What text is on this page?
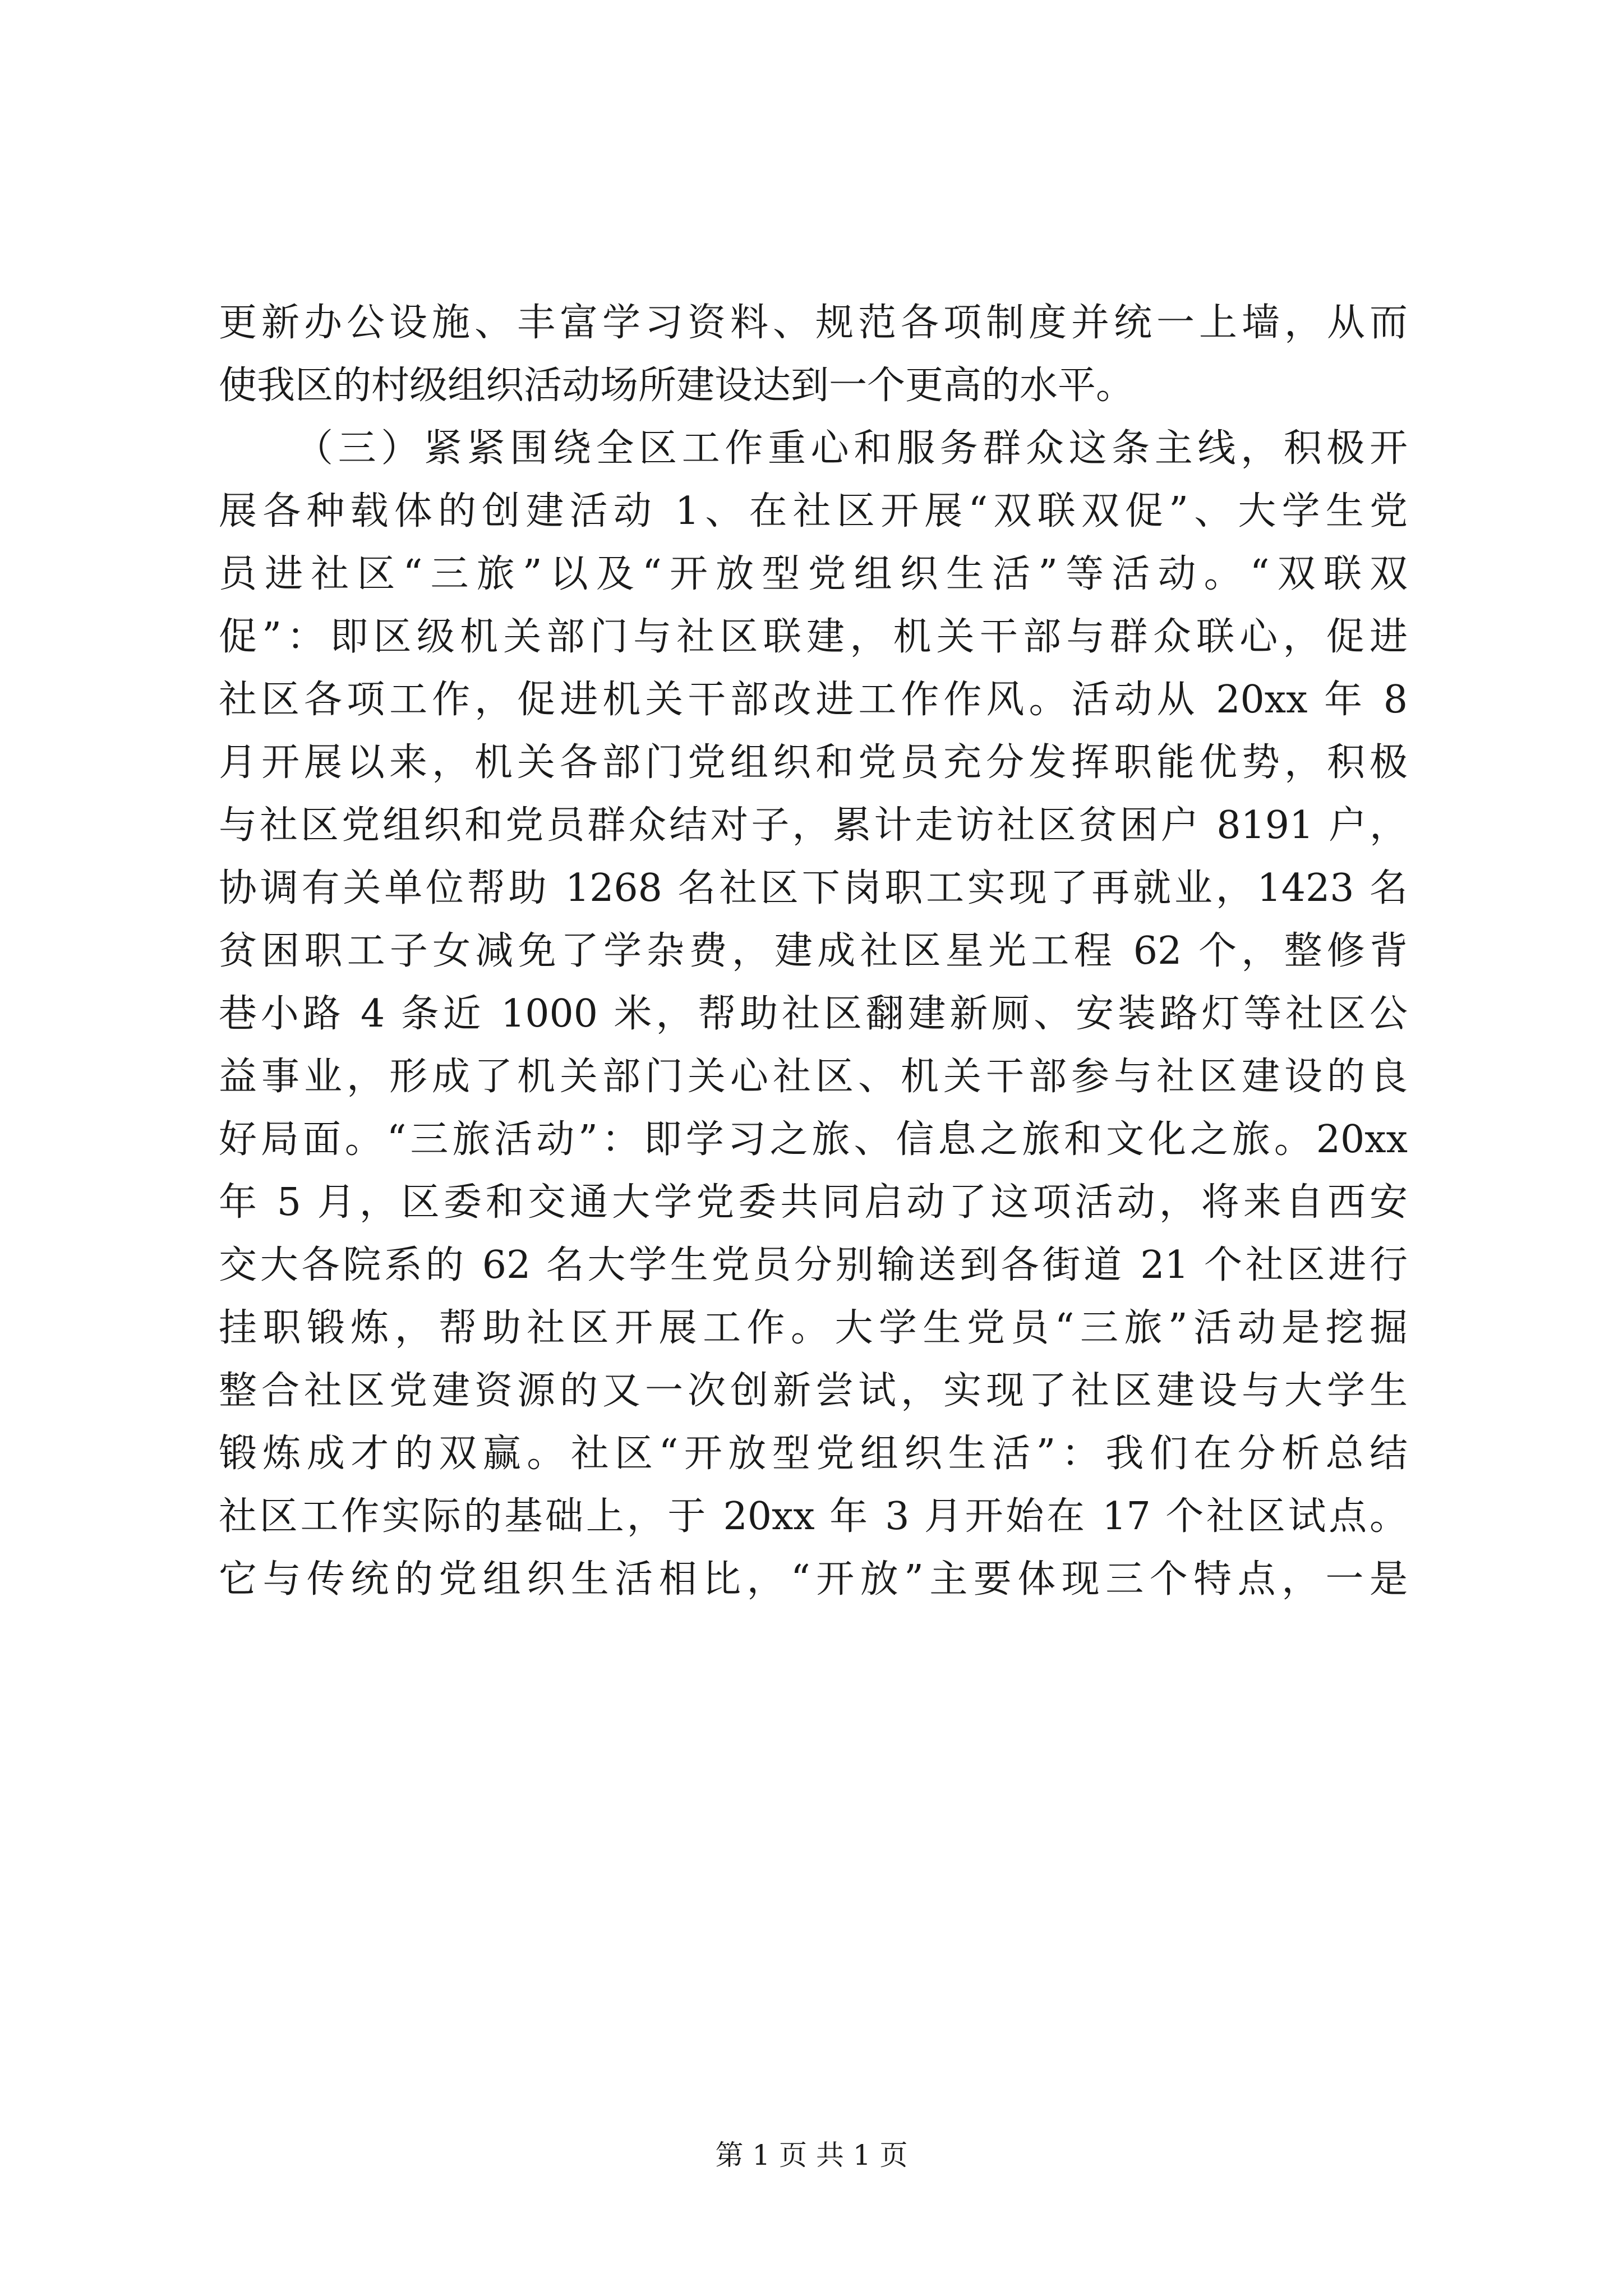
更新办公设施、丰富学习资料、规范各项制度并统一上墙，从而
使我区的村级组织活动场所建设达到一个更高的水平。
（三）紧紧围绕全区工作重心和服务群众这条主线，积极开
展各种载体的创建活动 1、在社区开展“双联双促”、大学生党
员进社区“三旅”以及“开放型党组织生活”等活动。“双联双
促”：即区级机关部门与社区联建，机关干部与群众联心，促进
社区各项工作，促进机关干部改进工作作风。活动从 20xx 年 8
月开展以来，机关各部门党组织和党员充分发挥职能优势，积极
与社区党组织和党员群众结对子，累计走访社区贫困户 8191 户，
协调有关单位帮助 1268 名社区下岗职工实现了再就业，1423 名
贫困职工子女减免了学杂费，建成社区星光工程 62 个，整修背
巷小路 4 条近 1000 米，帮助社区翻建新厕、安装路灯等社区公
益事业，形成了机关部门关心社区、机关干部参与社区建设的良
好局面。“三旅活动”：即学习之旅、信息之旅和文化之旅。20xx
年 5 月，区委和交通大学党委共同启动了这项活动，将来自西安
交大各院系的 62 名大学生党员分别输送到各街道 21 个社区进行
挂职锻炼，帮助社区开展工作。大学生党员“三旅”活动是挖掘
整合社区党建资源的又一次创新尝试，实现了社区建设与大学生
锻炼成才的双赢。社区“开放型党组织生活”：我们在分析总结
社区工作实际的基础上，于 20xx 年 3 月开始在 17 个社区试点。
它与传统的党组织生活相比，“开放”主要体现三个特点，一是
第 1 页 共 1 页
